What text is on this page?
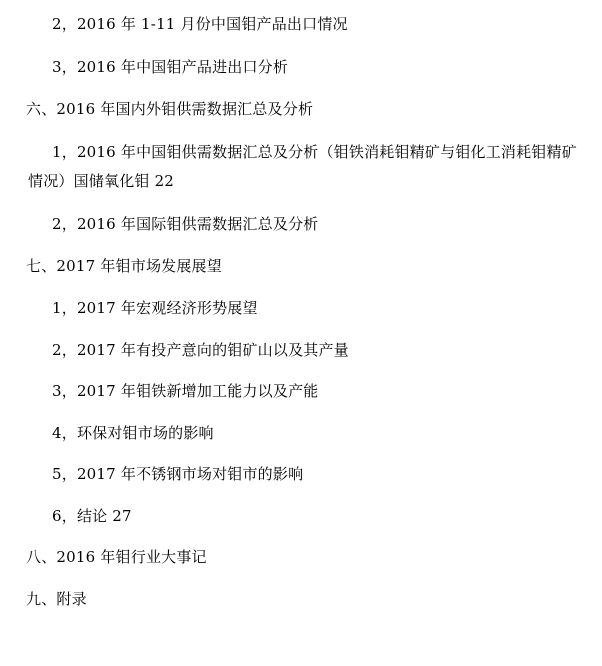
2，2016 年 1-11 月份中国钼产品出口情况
3，2016 年中国钼产品进出口分析
六、2016 年国内外钼供需数据汇总及分析
1，2016 年中国钼供需数据汇总及分析（钼铁消耗钼精矿与钼化工消耗钼精矿
情况）国储氧化钼 22
2，2016 年国际钼供需数据汇总及分析
七、2017 年钼市场发展展望
1，2017 年宏观经济形势展望
2，2017 年有投产意向的钼矿山以及其产量
3，2017 年钼铁新增加工能力以及产能
4，环保对钼市场的影响
5，2017 年不锈钢市场对钼市的影响
6，结论 27
八、2016 年钼行业大事记
九、附录
